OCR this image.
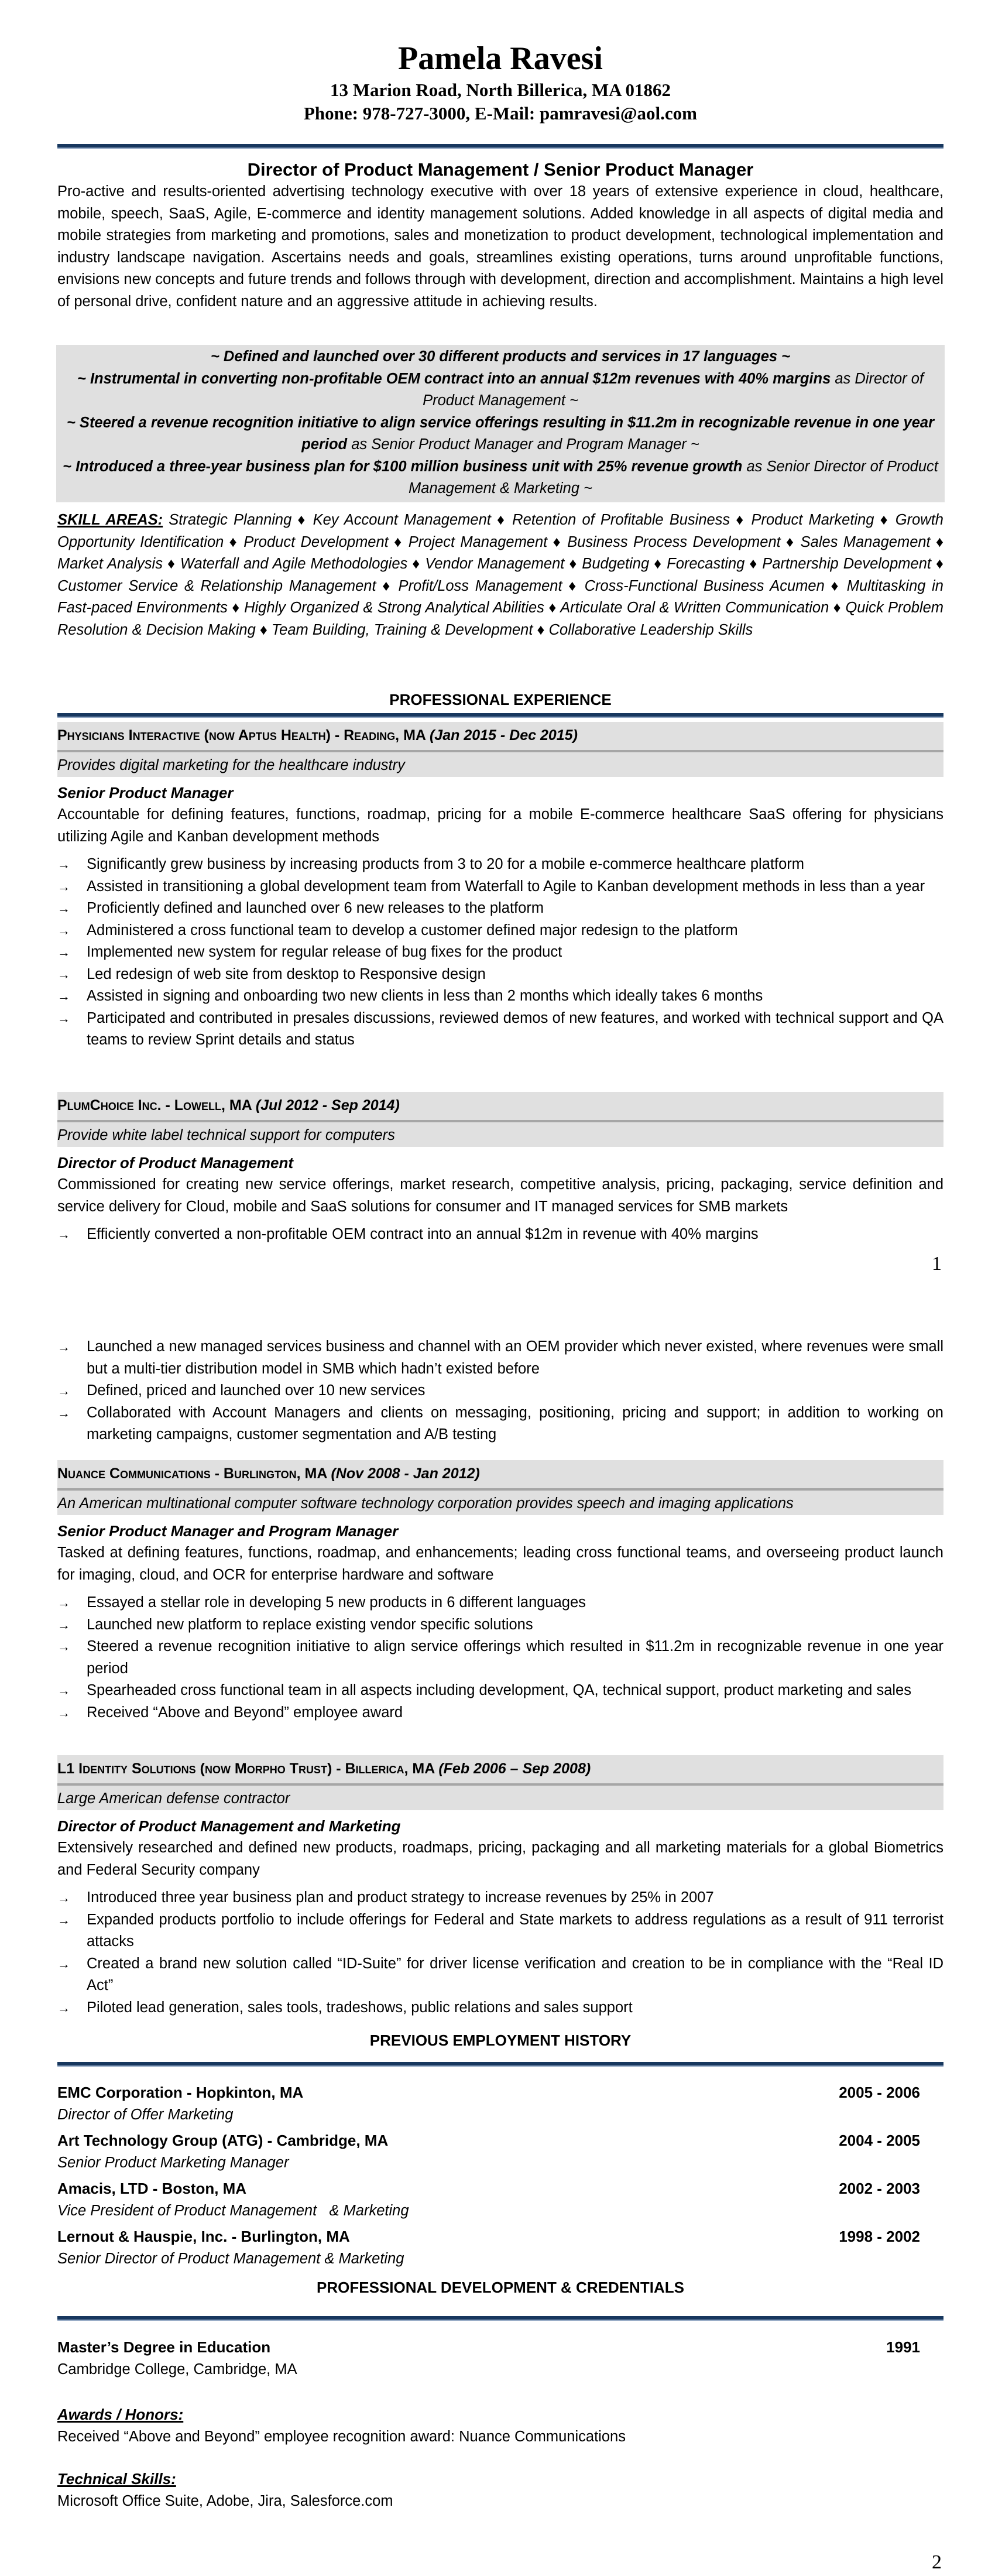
Pamela Ravesi
13 Marion Road, North Billerica, MA 01862
Phone: 978-727-3000, E-Mail: pamravesi@aol.com
Director of Product Management / Senior Product Manager
Pro-active and results-oriented advertising technology executive with over 18 years of extensive experience in cloud, healthcare, mobile, speech, SaaS, Agile, E-commerce and identity management solutions. Added knowledge in all aspects of digital media and mobile strategies from marketing and promotions, sales and monetization to product development, technological implementation and industry landscape navigation. Ascertains needs and goals, streamlines existing operations, turns around unprofitable functions, envisions new concepts and future trends and follows through with development, direction and accomplishment. Maintains a high level of personal drive, confident nature and an aggressive attitude in achieving results.
~ Defined and launched over 30 different products and services in 17 languages ~
~ Instrumental in converting non-profitable OEM contract into an annual $12m revenues with 40% margins as Director of Product Management ~
~ Steered a revenue recognition initiative to align service offerings resulting in $11.2m in recognizable revenue in one year period as Senior Product Manager and Program Manager ~
~ Introduced a three-year business plan for $100 million business unit with 25% revenue growth as Senior Director of Product Management & Marketing ~
SKILL AREAS: Strategic Planning ♦ Key Account Management ♦ Retention of Profitable Business ♦ Product Marketing ♦ Growth Opportunity Identification ♦ Product Development ♦ Project Management ♦ Business Process Development ♦ Sales Management ♦ Market Analysis ♦ Waterfall and Agile Methodologies ♦ Vendor Management ♦ Budgeting ♦ Forecasting ♦ Partnership Development ♦ Customer Service & Relationship Management ♦ Profit/Loss Management ♦ Cross-Functional Business Acumen ♦ Multitasking in Fast-paced Environments ♦ Highly Organized & Strong Analytical Abilities ♦ Articulate Oral & Written Communication ♦ Quick Problem Resolution & Decision Making ♦ Team Building, Training & Development ♦ Collaborative Leadership Skills
PROFESSIONAL EXPERIENCE
Physicians Interactive (now Aptus Health) - Reading, MA (Jan 2015 - Dec 2015)
Provides digital marketing for the healthcare industry
Senior Product Manager
Accountable for defining features, functions, roadmap, pricing for a mobile E-commerce healthcare SaaS offering for physicians utilizing Agile and Kanban development methods
→ Significantly grew business by increasing products from 3 to 20 for a mobile e-commerce healthcare platform
→ Assisted in transitioning a global development team from Waterfall to Agile to Kanban development methods in less than a year
→ Proficiently defined and launched over 6 new releases to the platform
→ Administered a cross functional team to develop a customer defined major redesign to the platform
→ Implemented new system for regular release of bug fixes for the product
→ Led redesign of web site from desktop to Responsive design
→ Assisted in signing and onboarding two new clients in less than 2 months which ideally takes 6 months
→ Participated and contributed in presales discussions, reviewed demos of new features, and worked with technical support and QA teams to review Sprint details and status
PlumChoice Inc. - Lowell, MA (Jul 2012 - Sep 2014)
Provide white label technical support for computers
Director of Product Management
Commissioned for creating new service offerings, market research, competitive analysis, pricing, packaging, service definition and service delivery for Cloud, mobile and SaaS solutions for consumer and IT managed services for SMB markets
→ Efficiently converted a non-profitable OEM contract into an annual $12m in revenue with 40% margins
1
→ Launched a new managed services business and channel with an OEM provider which never existed, where revenues were small but a multi-tier distribution model in SMB which hadn’t existed before
→ Defined, priced and launched over 10 new services
→ Collaborated with Account Managers and clients on messaging, positioning, pricing and support; in addition to working on marketing campaigns, customer segmentation and A/B testing
Nuance Communications - Burlington, MA (Nov 2008 - Jan 2012)
An American multinational computer software technology corporation provides speech and imaging applications
Senior Product Manager and Program Manager
Tasked at defining features, functions, roadmap, and enhancements; leading cross functional teams, and overseeing product launch for imaging, cloud, and OCR for enterprise hardware and software
→ Essayed a stellar role in developing 5 new products in 6 different languages
→ Launched new platform to replace existing vendor specific solutions
→ Steered a revenue recognition initiative to align service offerings which resulted in $11.2m in recognizable revenue in one year period
→ Spearheaded cross functional team in all aspects including development, QA, technical support, product marketing and sales
→ Received “Above and Beyond” employee award
L1 Identity Solutions (now Morpho Trust) - Billerica, MA (Feb 2006 – Sep 2008)
Large American defense contractor
Director of Product Management and Marketing
Extensively researched and defined new products, roadmaps, pricing, packaging and all marketing materials for a global Biometrics and Federal Security company
→ Introduced three year business plan and product strategy to increase revenues by 25% in 2007
→ Expanded products portfolio to include offerings for Federal and State markets to address regulations as a result of 911 terrorist attacks
→ Created a brand new solution called “ID-Suite” for driver license verification and creation to be in compliance with the “Real ID Act”
→ Piloted lead generation, sales tools, tradeshows, public relations and sales support
PREVIOUS EMPLOYMENT HISTORY
EMC Corporation - Hopkinton, MA	2005 - 2006
Director of Offer Marketing
Art Technology Group (ATG) - Cambridge, MA	2004 - 2005
Senior Product Marketing Manager
Amacis, LTD - Boston, MA	2002 - 2003
Vice President of Product Management   & Marketing
Lernout & Hauspie, Inc. - Burlington, MA	1998 - 2002
Senior Director of Product Management & Marketing
PROFESSIONAL DEVELOPMENT & CREDENTIALS
Master’s Degree in Education	1991
Cambridge College, Cambridge, MA
Awards / Honors:
Received “Above and Beyond” employee recognition award: Nuance Communications
Technical Skills:
Microsoft Office Suite, Adobe, Jira, Salesforce.com
2
